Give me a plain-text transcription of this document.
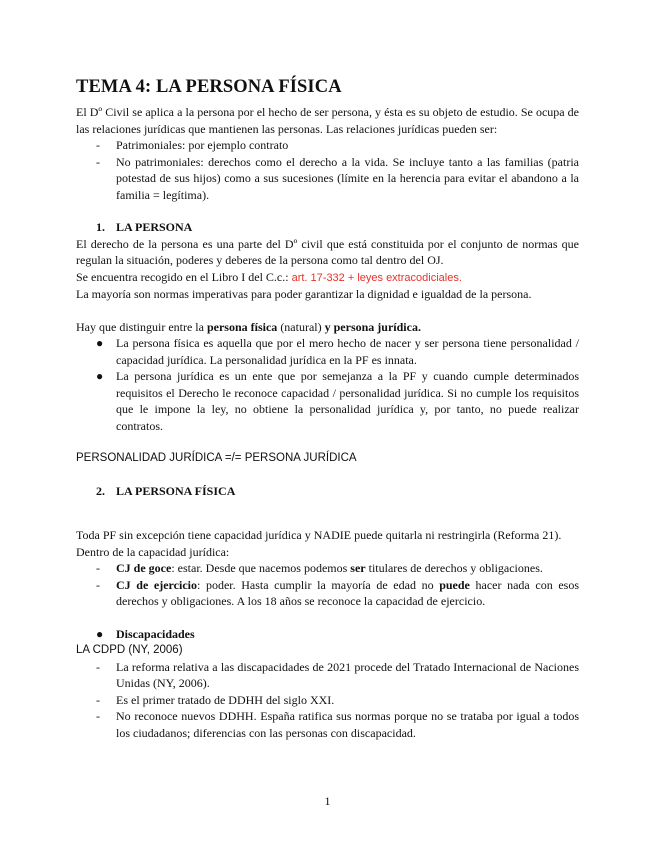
TEMA 4: LA PERSONA FÍSICA

El Dº Civil se aplica a la persona por el hecho de ser persona, y ésta es su objeto de estudio. Se ocupa de las relaciones jurídicas que mantienen las personas. Las relaciones jurídicas pueden ser:

- Patrimoniales: por ejemplo contrato
- No patrimoniales: derechos como el derecho a la vida. Se incluye tanto a las familias (patria potestad de sus hijos) como a sus sucesiones (límite en la herencia para evitar el abandono a la familia = legítima).

1. LA PERSONA

El derecho de la persona es una parte del Dº civil que está constituida por el conjunto de normas que regulan la situación, poderes y deberes de la persona como tal dentro del OJ.

Se encuentra recogido en el Libro I del C.c.: art. 17-332 + leyes extracodiciales.

La mayoría son normas imperativas para poder garantizar la dignidad e igualdad de la persona.

Hay que distinguir entre la persona física (natural) y persona jurídica.

● La persona física es aquella que por el mero hecho de nacer y ser persona tiene personalidad / capacidad jurídica. La personalidad jurídica en la PF es innata.
● La persona jurídica es un ente que por semejanza a la PF y cuando cumple determinados requisitos el Derecho le reconoce capacidad / personalidad jurídica. Si no cumple los requisitos que le impone la ley, no obtiene la personalidad jurídica y, por tanto, no puede realizar contratos.

PERSONALIDAD JURÍDICA =/= PERSONA JURÍDICA

2. LA PERSONA FÍSICA

Toda PF sin excepción tiene capacidad jurídica y NADIE puede quitarla ni restringirla (Reforma 21).

Dentro de la capacidad jurídica:

- CJ de goce: estar. Desde que nacemos podemos ser titulares de derechos y obligaciones.
- CJ de ejercicio: poder. Hasta cumplir la mayoría de edad no puede hacer nada con esos derechos y obligaciones. A los 18 años se reconoce la capacidad de ejercicio.
● Discapacidades

LA CDPD (NY, 2006)

- La reforma relativa a las discapacidades de 2021 procede del Tratado Internacional de Naciones Unidas (NY, 2006).
- Es el primer tratado de DDHH del siglo XXI.
- No reconoce nuevos DDHH. España ratifica sus normas porque no se trataba por igual a todos los ciudadanos; diferencias con las personas con discapacidad.
1
